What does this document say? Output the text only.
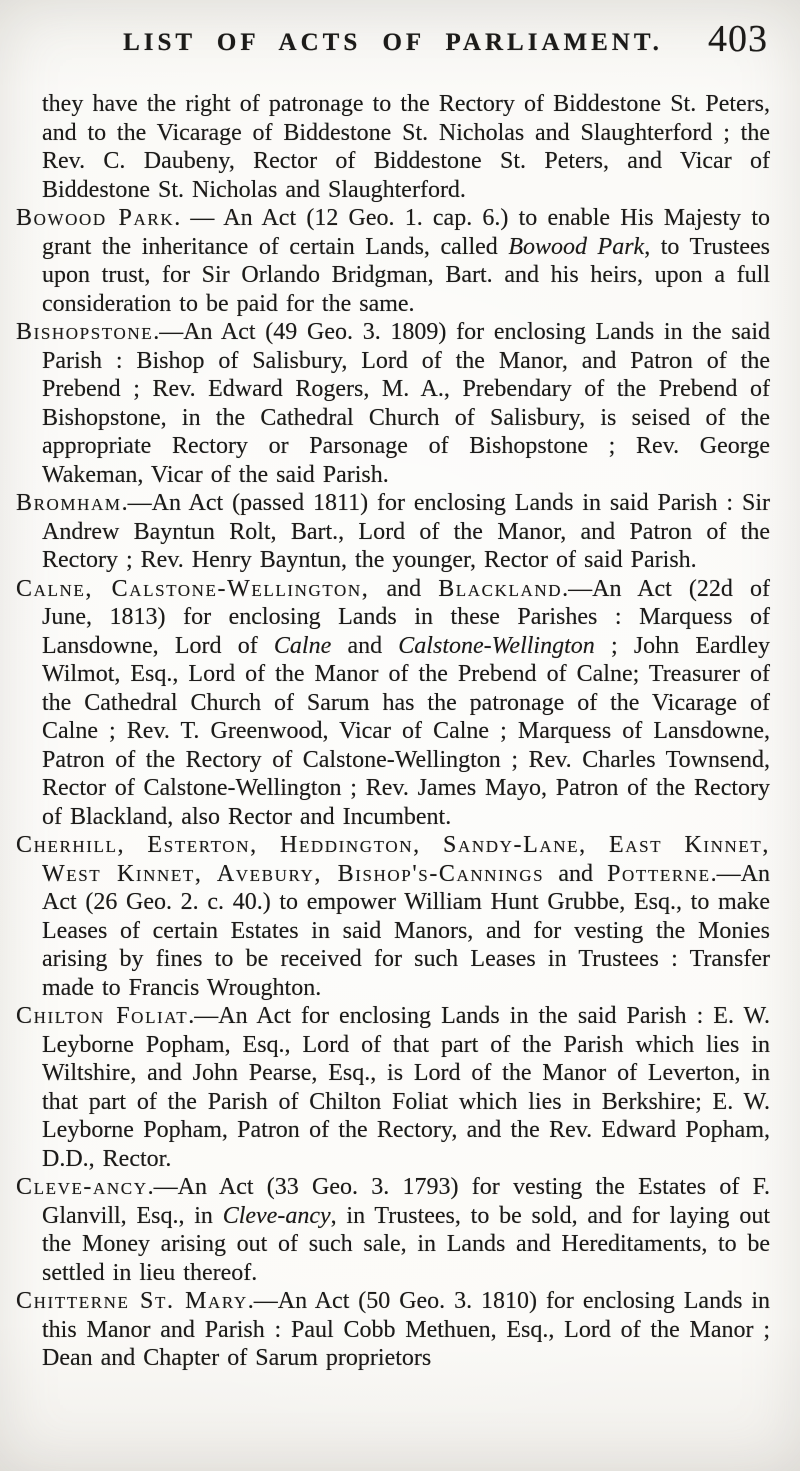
LIST OF ACTS OF PARLIAMENT. 403

they have the right of patronage to the Rectory of Biddestone St. Peters, and to the Vicarage of Biddestone St. Nicholas and Slaughterford ; the Rev. C. Daubeny, Rector of Biddestone St. Peters, and Vicar of Biddestone St. Nicholas and Slaughterford.

Bowood Park. — An Act (12 Geo. 1. cap. 6.) to enable His Majesty to grant the inheritance of certain Lands, called Bowood Park, to Trustees upon trust, for Sir Orlando Bridgman, Bart. and his heirs, upon a full consideration to be paid for the same.

Bishopstone.—An Act (49 Geo. 3. 1809) for enclosing Lands in the said Parish : Bishop of Salisbury, Lord of the Manor, and Patron of the Prebend ; Rev. Edward Rogers, M. A., Prebendary of the Prebend of Bishopstone, in the Cathedral Church of Salisbury, is seised of the appropriate Rectory or Parsonage of Bishopstone ; Rev. George Wakeman, Vicar of the said Parish.

Bromham.—An Act (passed 1811) for enclosing Lands in said Parish : Sir Andrew Bayntun Rolt, Bart., Lord of the Manor, and Patron of the Rectory ; Rev. Henry Bayntun, the younger, Rector of said Parish.

Calne, Calstone-Wellington, and Blackland.—An Act (22d of June, 1813) for enclosing Lands in these Parishes : Marquess of Lansdowne, Lord of Calne and Calstone-Wellington ; John Eardley Wilmot, Esq., Lord of the Manor of the Prebend of Calne; Treasurer of the Cathedral Church of Sarum has the patronage of the Vicarage of Calne ; Rev. T. Greenwood, Vicar of Calne ; Marquess of Lansdowne, Patron of the Rectory of Calstone-Wellington ; Rev. Charles Townsend, Rector of Calstone-Wellington ; Rev. James Mayo, Patron of the Rectory of Blackland, also Rector and Incumbent.

Cherhill, Esterton, Heddington, Sandy-Lane, East Kinnet, West Kinnet, Avebury, Bishop's-Cannings and Potterne.—An Act (26 Geo. 2. c. 40.) to empower William Hunt Grubbe, Esq., to make Leases of certain Estates in said Manors, and for vesting the Monies arising by fines to be received for such Leases in Trustees : Transfer made to Francis Wroughton.

Chilton Foliat.—An Act for enclosing Lands in the said Parish : E. W. Leyborne Popham, Esq., Lord of that part of the Parish which lies in Wiltshire, and John Pearse, Esq., is Lord of the Manor of Leverton, in that part of the Parish of Chilton Foliat which lies in Berkshire; E. W. Leyborne Popham, Patron of the Rectory, and the Rev. Edward Popham, D.D., Rector.

Cleve-ancy.—An Act (33 Geo. 3. 1793) for vesting the Estates of F. Glanvill, Esq., in Cleve-ancy, in Trustees, to be sold, and for laying out the Money arising out of such sale, in Lands and Hereditaments, to be settled in lieu thereof.

Chitterne St. Mary.—An Act (50 Geo. 3. 1810) for enclosing Lands in this Manor and Parish : Paul Cobb Methuen, Esq., Lord of the Manor ; Dean and Chapter of Sarum proprietors
